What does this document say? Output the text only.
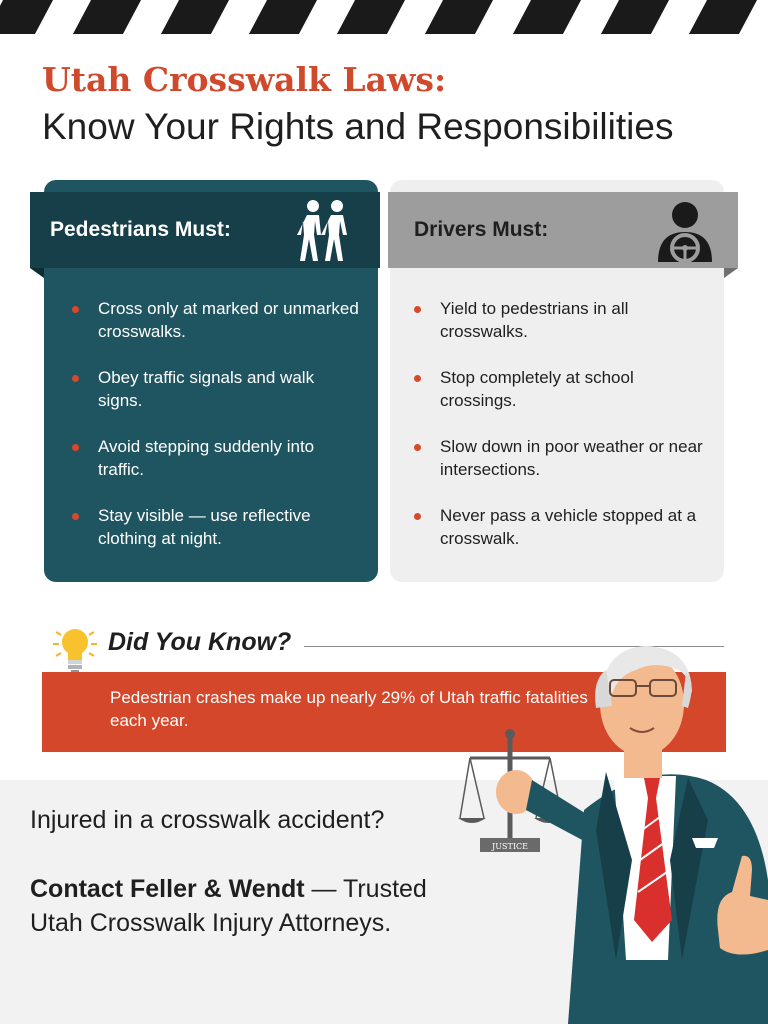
Utah Crosswalk Laws:
Know Your Rights and Responsibilities
Pedestrians Must:
Cross only at marked or unmarked crosswalks.
Obey traffic signals and walk signs.
Avoid stepping suddenly into traffic.
Stay visible — use reflective clothing at night.
Drivers Must:
Yield to pedestrians in all crosswalks.
Stop completely at school crossings.
Slow down in poor weather or near intersections.
Never pass a vehicle stopped at a crosswalk.
Did You Know?
Pedestrian crashes make up nearly 29% of Utah traffic fatalities each year.
Injured in a crosswalk accident?
Contact Feller & Wendt — Trusted Utah Crosswalk Injury Attorneys.
JUSTICE
